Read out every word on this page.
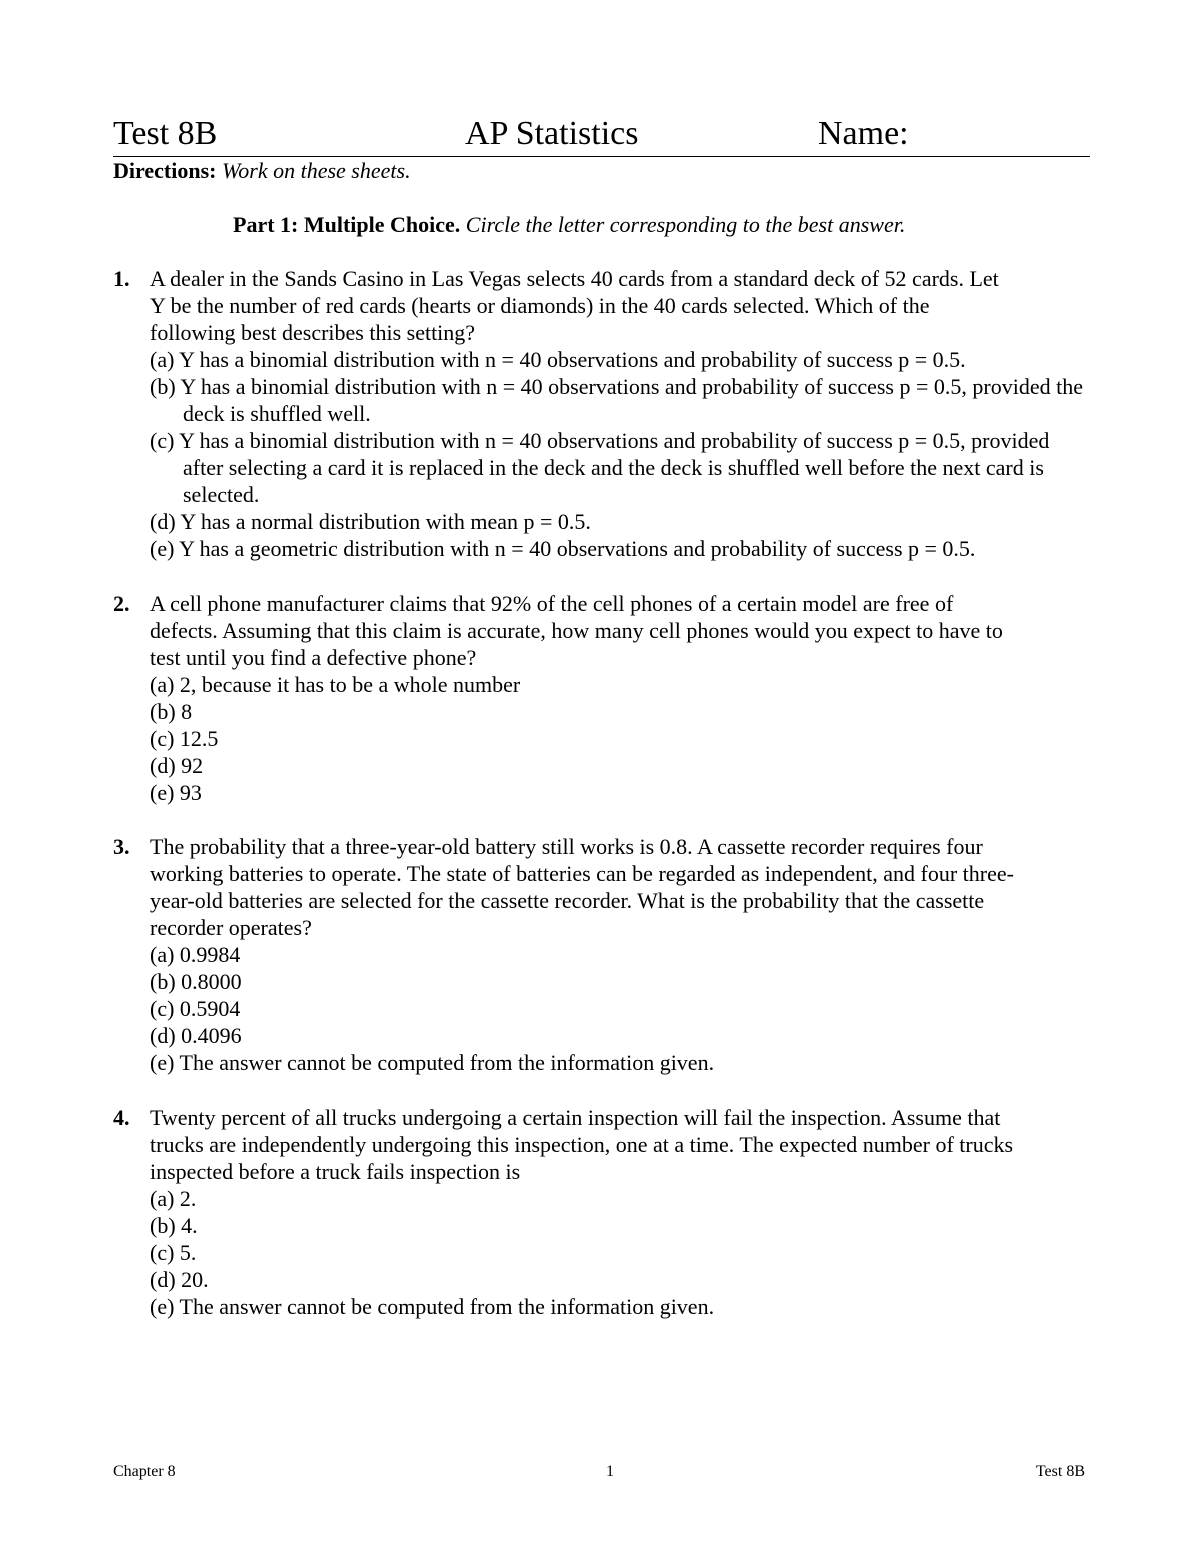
Test 8B	AP Statistics	Name:
Directions: Work on these sheets.
Part 1: Multiple Choice. Circle the letter corresponding to the best answer.
1. A dealer in the Sands Casino in Las Vegas selects 40 cards from a standard deck of 52 cards. Let

Y be the number of red cards (hearts or diamonds) in the 40 cards selected. Which of the

following best describes this setting?

(a) Y has a binomial distribution with n = 40 observations and probability of success p = 0.5.

(b) Y has a binomial distribution with n = 40 observations and probability of success p = 0.5, provided the deck is shuffled well.

(c) Y has a binomial distribution with n = 40 observations and probability of success p = 0.5, provided after selecting a card it is replaced in the deck and the deck is shuffled well before the next card is selected.

(d) Y has a normal distribution with mean p = 0.5.

(e) Y has a geometric distribution with n = 40 observations and probability of success p = 0.5.

2. A cell phone manufacturer claims that 92% of the cell phones of a certain model are free of

defects. Assuming that this claim is accurate, how many cell phones would you expect to have to

test until you find a defective phone?

(a) 2, because it has to be a whole number

(b) 8

(c) 12.5

(d) 92

(e) 93

3. The probability that a three-year-old battery still works is 0.8. A cassette recorder requires four

working batteries to operate. The state of batteries can be regarded as independent, and four three-

year-old batteries are selected for the cassette recorder. What is the probability that the cassette

recorder operates?

(a) 0.9984

(b) 0.8000

(c) 0.5904

(d) 0.4096

(e) The answer cannot be computed from the information given.

4. Twenty percent of all trucks undergoing a certain inspection will fail the inspection. Assume that

trucks are independently undergoing this inspection, one at a time. The expected number of trucks

inspected before a truck fails inspection is

(a) 2.

(b) 4.

(c) 5.

(d) 20.

(e) The answer cannot be computed from the information given.

Chapter 8	1	Test 8B
